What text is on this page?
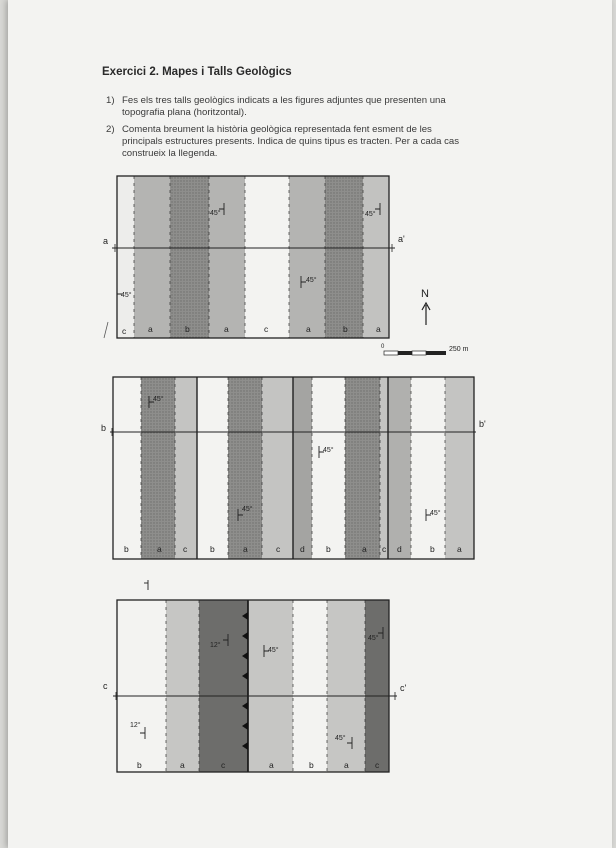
Exercici 2. Mapes i Talls Geològics
1) Fes els tres talls geològics indicats a les figures adjuntes que presenten una
topografia plana (horitzontal).
2) Comenta breument la història geològica representada fent esment de les
principals estructures presents. Indica de quins tipus es tracten. Per a cada cas
construeix la llegenda.
a	a'
45°	45°
45°
45°
c	a	b	a	c	a	b	a
N
0	250 m
b	b'
45°
45°
45°
45°
b	a	c	b	a	c d	b	a c d	b	a
c	c'
12°
45°
45°
12°
45°
b	a	c	a	b	a	c
